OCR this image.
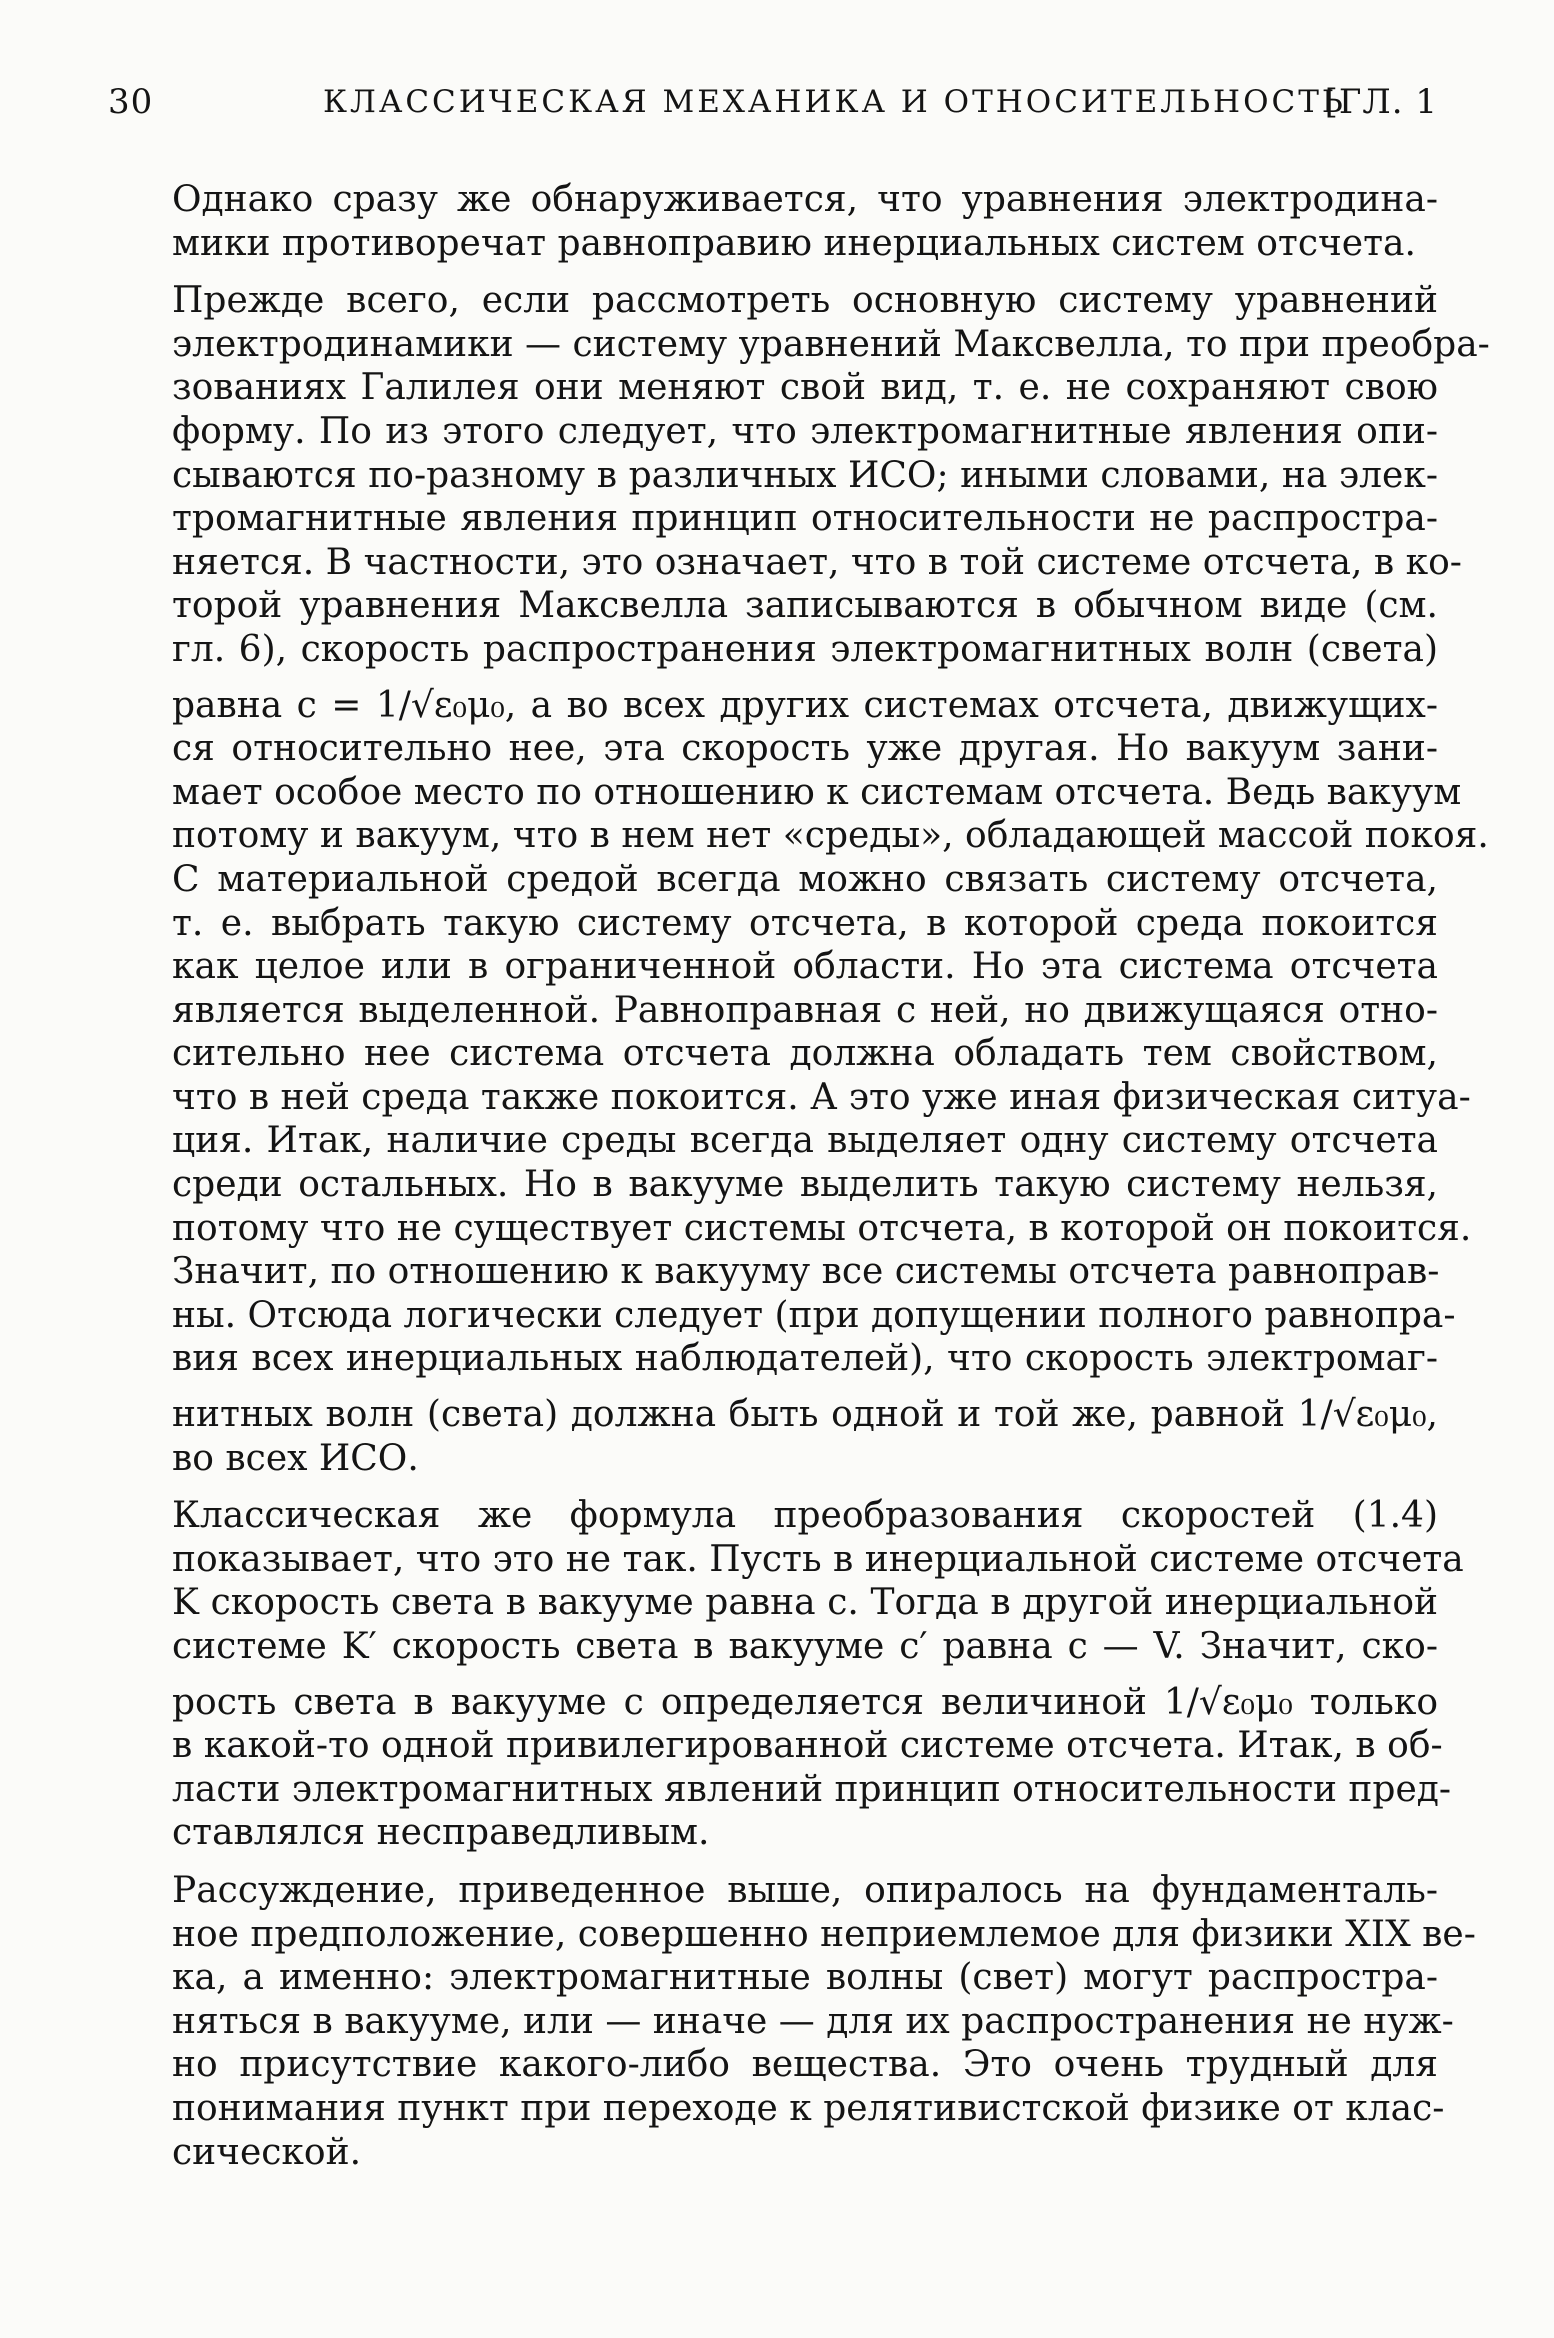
30	КЛАССИЧЕСКАЯ МЕХАНИКА И ОТНОСИТЕЛЬНОСТЬ
[ГЛ. 1

Однако сразу же обнаруживается, что уравнения электродина-
мики противоречат равноправию инерциальных систем отсчета.

Прежде всего, если рассмотреть основную систему уравнений
электродинамики — систему уравнений Максвелла, то при преобра-
зованиях Галилея они меняют свой вид, т. е. не сохраняют свою
форму. По из этого следует, что электромагнитные явления опи-
сываются по-разному в различных ИСО; иными словами, на элек-
тромагнитные явления принцип относительности не распростра-
няется. В частности, это означает, что в той системе отсчета, в ко-
торой уравнения Максвелла записываются в обычном виде (см.
гл. 6), скорость распространения электромагнитных волн (света)
равна c = 1/√ε₀μ₀, а во всех других системах отсчета, движущих-
ся относительно нее, эта скорость уже другая. Но вакуум зани-
мает особое место по отношению к системам отсчета. Ведь вакуум
потому и вакуум, что в нем нет «среды», обладающей массой покоя.
С материальной средой всегда можно связать систему отсчета,
т. е. выбрать такую систему отсчета, в которой среда покоится
как целое или в ограниченной области. Но эта система отсчета
является выделенной. Равноправная с ней, но движущаяся отно-
сительно нее система отсчета должна обладать тем свойством,
что в ней среда также покоится. А это уже иная физическая ситуа-
ция. Итак, наличие среды всегда выделяет одну систему отсчета
среди остальных. Но в вакууме выделить такую систему нельзя,
потому что не существует системы отсчета, в которой он покоится.
Значит, по отношению к вакууму все системы отсчета равноправ-
ны. Отсюда логически следует (при допущении полного равнопра-
вия всех инерциальных наблюдателей), что скорость электромаг-
нитных волн (света) должна быть одной и той же, равной 1/√ε₀μ₀,
во всех ИСО.

Классическая же формула преобразования скоростей (1.4)
показывает, что это не так. Пусть в инерциальной системе отсчета
K скорость света в вакууме равна c. Тогда в другой инерциальной
системе K′ скорость света в вакууме c′ равна c — V. Значит, ско-
рость света в вакууме c определяется величиной 1/√ε₀μ₀ только
в какой-то одной привилегированной системе отсчета. Итак, в об-
ласти электромагнитных явлений принцип относительности пред-
ставлялся несправедливым.

Рассуждение, приведенное выше, опиралось на фундаменталь-
ное предположение, совершенно неприемлемое для физики XIX ве-
ка, а именно: электромагнитные волны (свет) могут распростра-
няться в вакууме, или — иначе — для их распространения не нуж-
но присутствие какого-либо вещества. Это очень трудный для
понимания пункт при переходе к релятивистской физике от клас-
сической.
